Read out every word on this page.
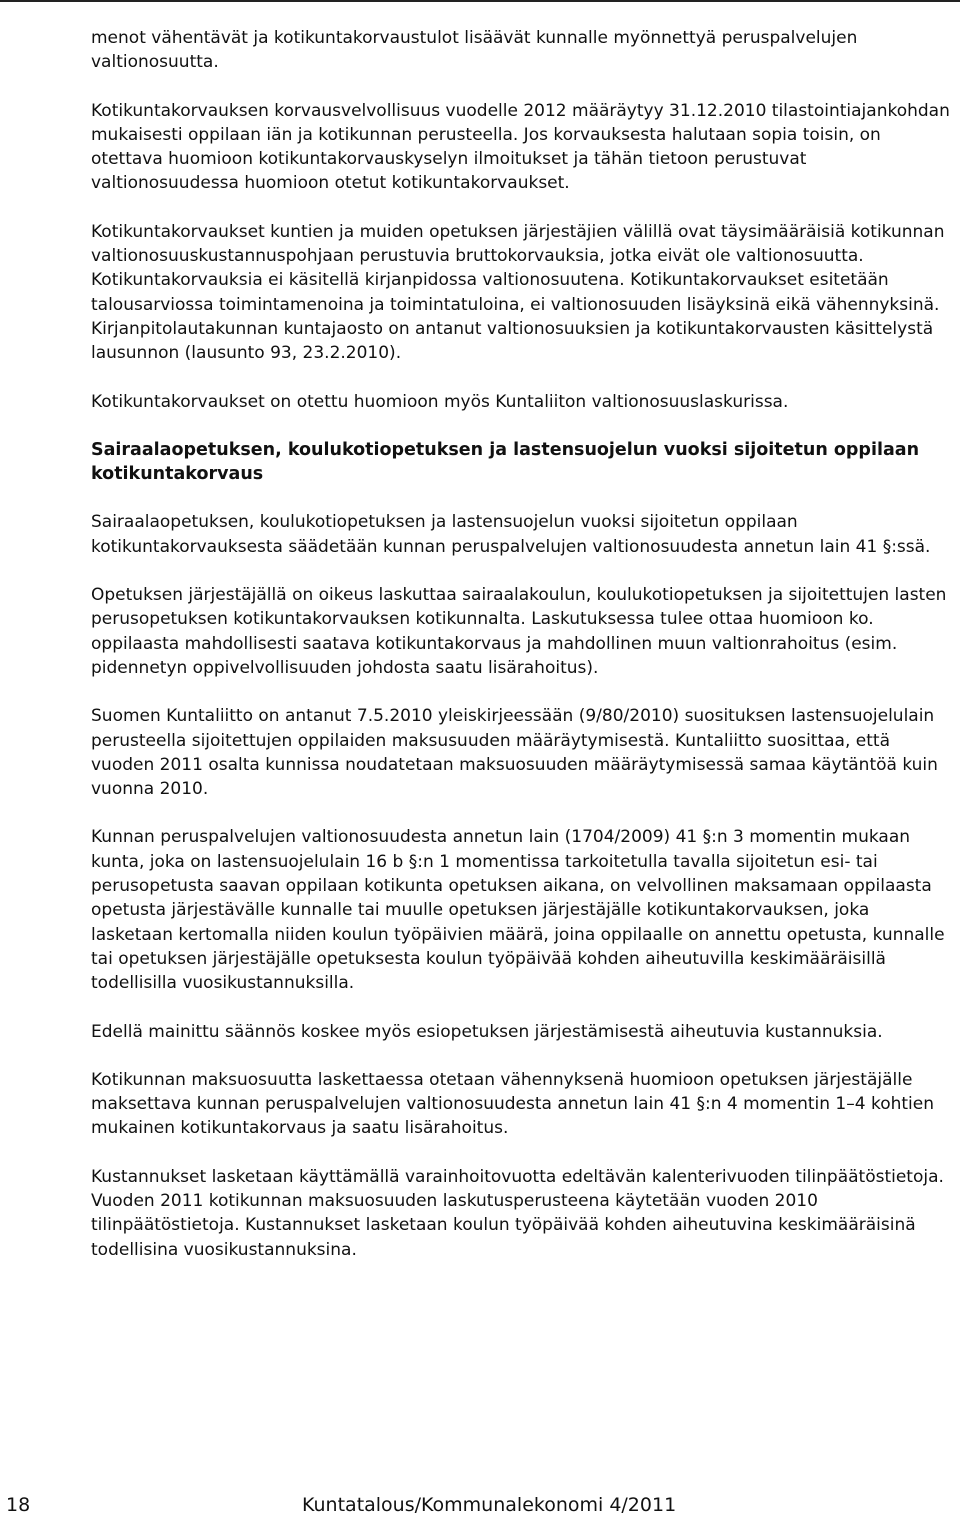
menot vähentävät ja kotikuntakorvaustulot lisäävät kunnalle myönnettyä peruspalvelujen valtionosuutta.

Kotikuntakorvauksen korvausvelvollisuus vuodelle 2012 määräytyy 31.12.2010 tilastointiajankohdan mukaisesti oppilaan iän ja kotikunnan perusteella. Jos korvauksesta halutaan sopia toisin, on otettava huomioon kotikuntakorvauskyselyn ilmoitukset ja tähän tietoon perustuvat valtionosuudessa huomioon otetut kotikuntakorvaukset.

Kotikuntakorvaukset kuntien ja muiden opetuksen järjestäjien välillä ovat täysimääräisiä kotikunnan valtionosuuskustannuspohjaan perustuvia bruttokorvauksia, jotka eivät ole valtionosuutta. Kotikuntakorvauksia ei käsitellä kirjanpidossa valtionosuutena. Kotikuntakorvaukset esitetään talousarviossa toimintamenoina ja toimintatuloina, ei valtionosuuden lisäyksinä eikä vähennyksinä. Kirjanpitolautakunnan kuntajaosto on antanut valtionosuuksien ja kotikuntakorvausten käsittelystä lausunnon (lausunto 93, 23.2.2010).

Kotikuntakorvaukset on otettu huomioon myös Kuntaliiton valtionosuuslaskurissa.

Sairaalaopetuksen, koulukotiopetuksen ja lastensuojelun vuoksi sijoitetun oppilaan kotikuntakorvaus

Sairaalaopetuksen, koulukotiopetuksen ja lastensuojelun vuoksi sijoitetun oppilaan kotikuntakorvauksesta säädetään kunnan peruspalvelujen valtionosuudesta annetun lain 41 §:ssä.

Opetuksen järjestäjällä on oikeus laskuttaa sairaalakoulun, koulukotiopetuksen ja sijoitettujen lasten perusopetuksen kotikuntakorvauksen kotikunnalta. Laskutuksessa tulee ottaa huomioon ko. oppilaasta mahdollisesti saatava kotikuntakorvaus ja mahdollinen muun valtionrahoitus (esim. pidennetyn oppivelvollisuuden johdosta saatu lisärahoitus).

Suomen Kuntaliitto on antanut 7.5.2010 yleiskirjeessään (9/80/2010) suosituksen lastensuojelulain perusteella sijoitettujen oppilaiden maksusuuden määräytymisestä. Kuntaliitto suosittaa, että vuoden 2011 osalta kunnissa noudatetaan maksuosuuden määräytymisessä samaa käytäntöä kuin vuonna 2010.

Kunnan peruspalvelujen valtionosuudesta annetun lain (1704/2009) 41 §:n 3 momentin mukaan kunta, joka on lastensuojelulain 16 b §:n 1 momentissa tarkoitetulla tavalla sijoitetun esi- tai perusopetusta saavan oppilaan kotikunta opetuksen aikana, on velvollinen maksamaan oppilaasta opetusta järjestävälle kunnalle tai muulle opetuksen järjestäjälle kotikuntakorvauksen, joka lasketaan kertomalla niiden koulun työpäivien määrä, joina oppilaalle on annettu opetusta, kunnalle tai opetuksen järjestäjälle opetuksesta koulun työpäivää kohden aiheutuvilla keskimääräisillä todellisilla vuosikustannuksilla.

Edellä mainittu säännös koskee myös esiopetuksen järjestämisestä aiheutuvia kustannuksia.

Kotikunnan maksuosuutta laskettaessa otetaan vähennyksenä huomioon opetuksen järjestäjälle maksettava kunnan peruspalvelujen valtionosuudesta annetun lain 41 §:n 4 momentin 1–4 kohtien mukainen kotikuntakorvaus ja saatu lisärahoitus.

Kustannukset lasketaan käyttämällä varainhoitovuotta edeltävän kalenterivuoden tilinpäätöstietoja. Vuoden 2011 kotikunnan maksuosuuden laskutusperusteena käytetään vuoden 2010 tilinpäätöstietoja. Kustannukset lasketaan koulun työpäivää kohden aiheutuvina keskimääräisinä todellisina vuosikustannuksina.

18	Kuntatalous/Kommunalekonomi 4/2011
